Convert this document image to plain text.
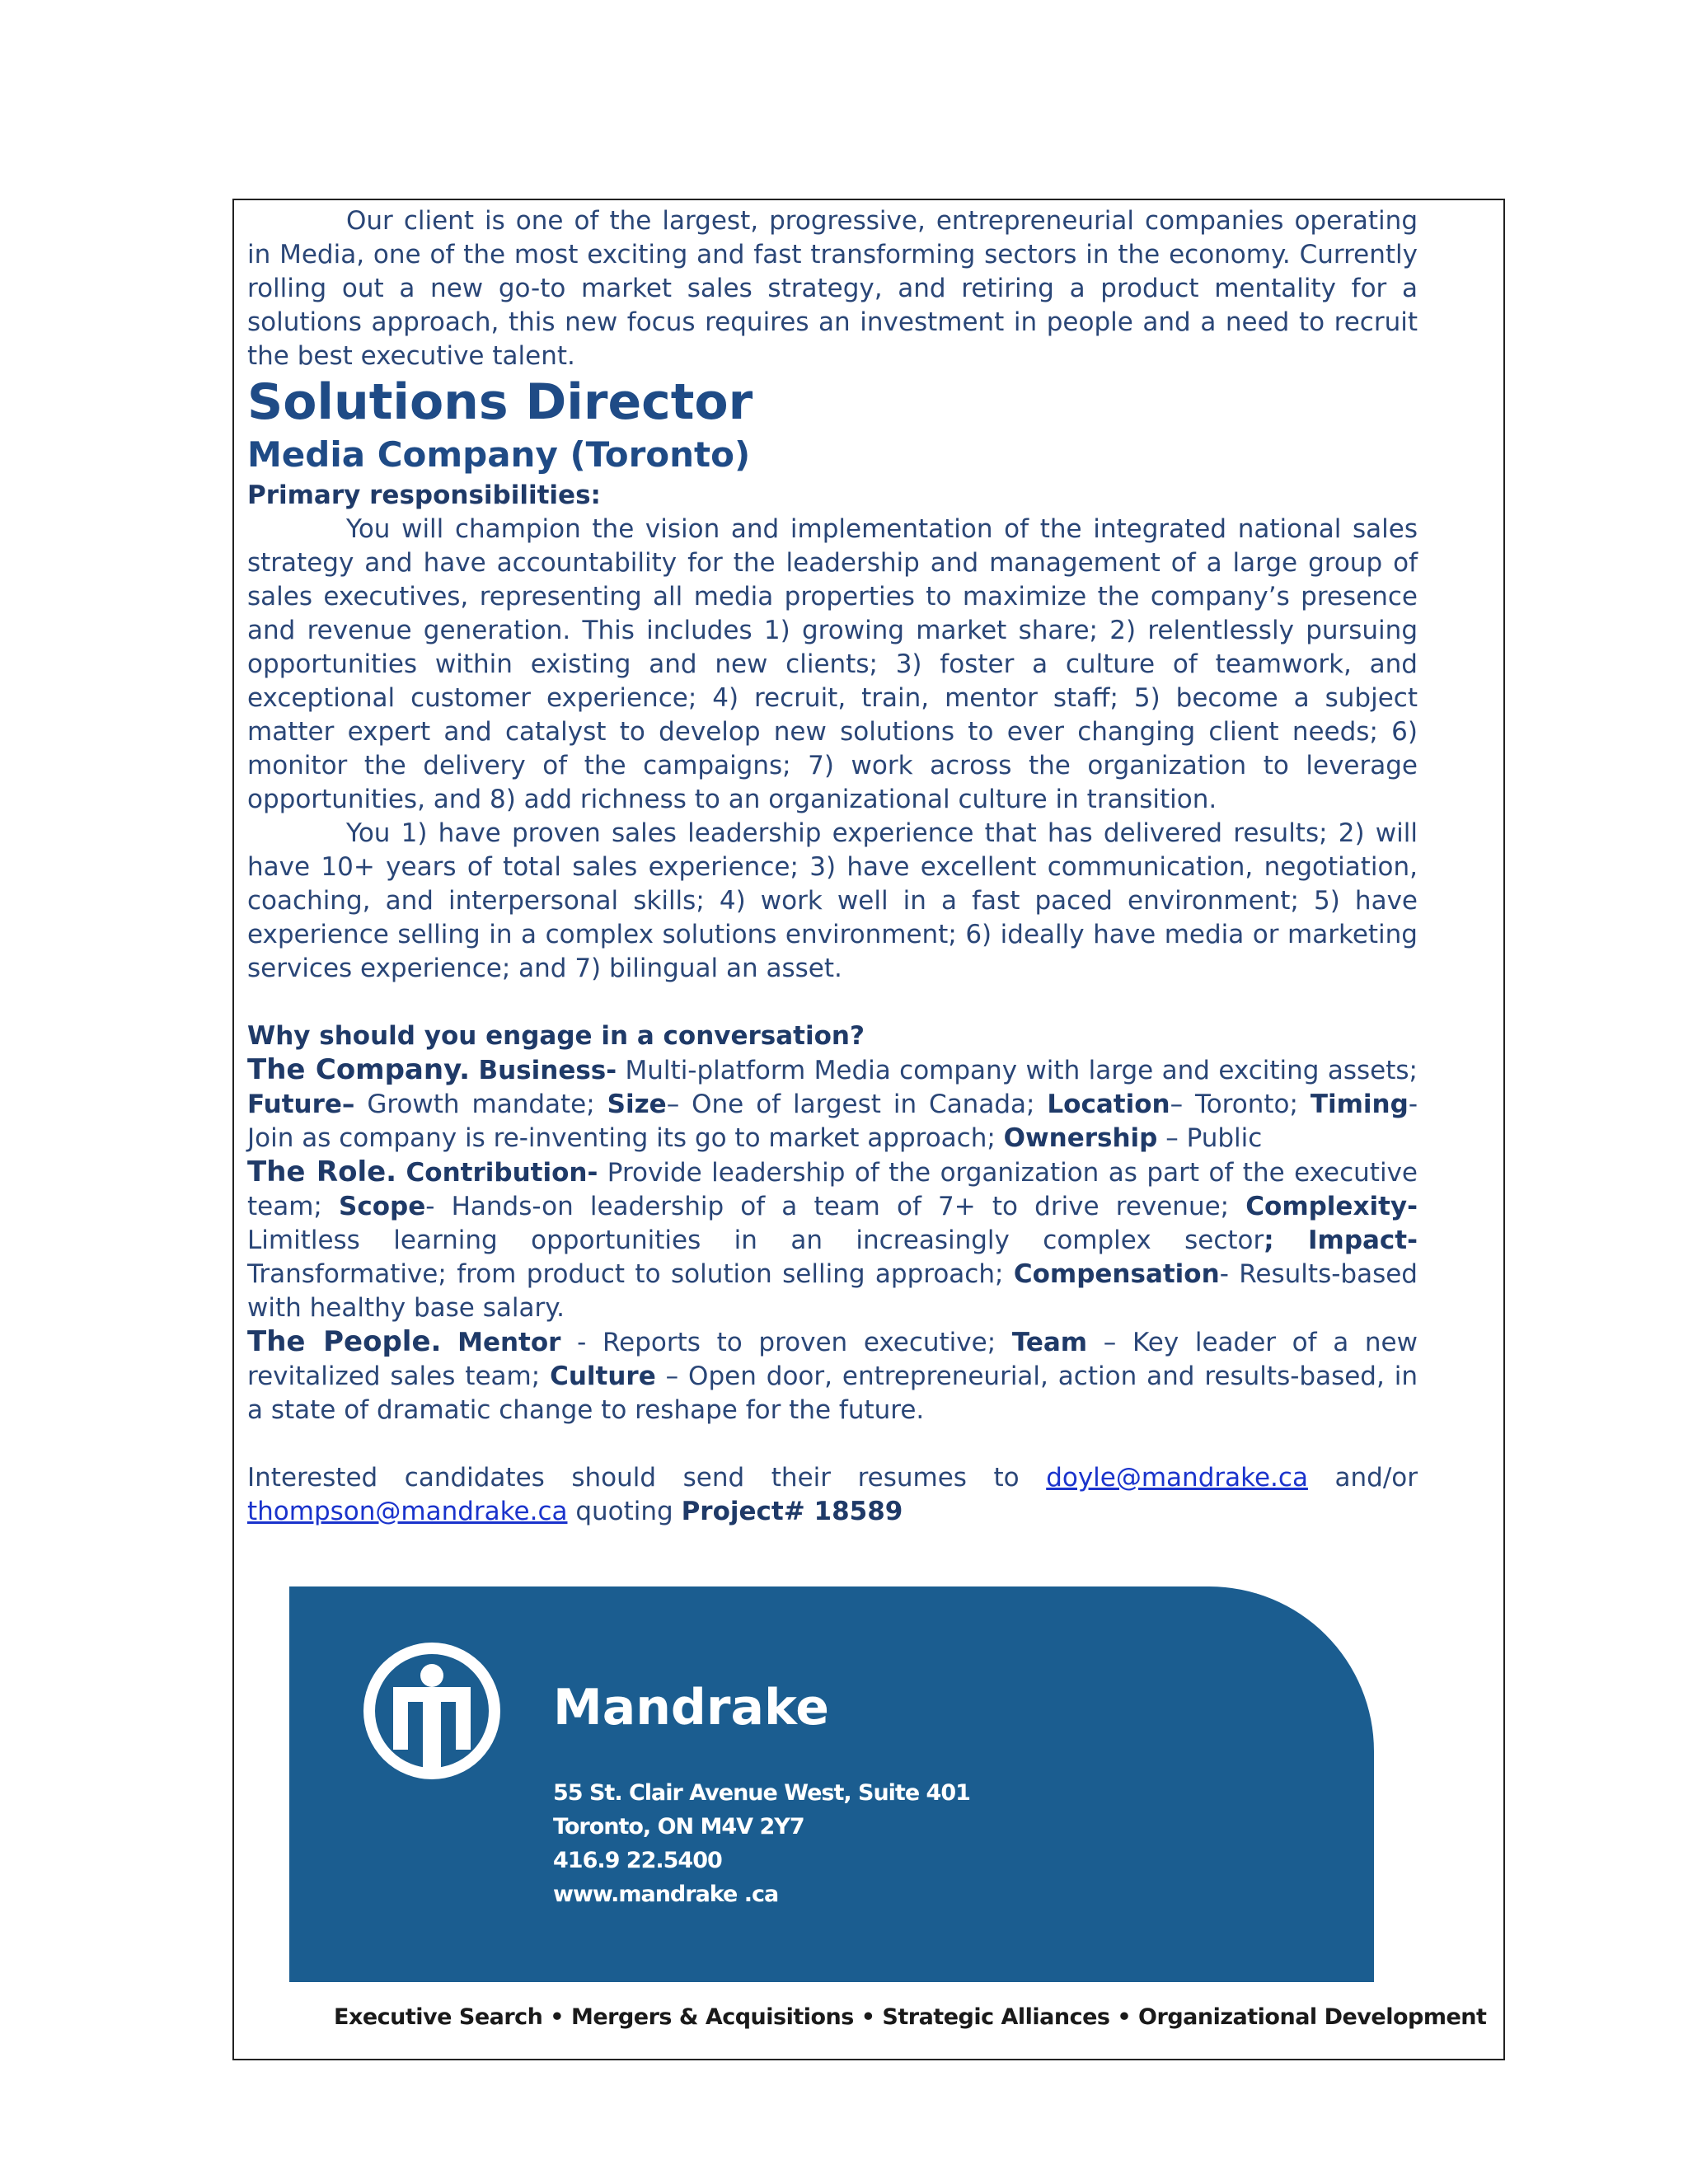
Our client is one of the largest, progressive, entrepreneurial companies operating in Media, one of the most exciting and fast transforming sectors in the economy. Currently rolling out a new go-to market sales strategy, and retiring a product mentality for a solutions approach, this new focus requires an investment in people and a need to recruit the best executive talent.

Solutions Director

Media Company (Toronto)

Primary responsibilities:

You will champion the vision and implementation of the integrated national sales strategy and have accountability for the leadership and management of a large group of sales executives, representing all media properties to maximize the company’s presence and revenue generation. This includes 1) growing market share; 2) relentlessly pursuing opportunities within existing and new clients; 3) foster a culture of teamwork, and exceptional customer experience; 4) recruit, train, mentor staff; 5) become a subject matter expert and catalyst to develop new solutions to ever changing client needs; 6) monitor the delivery of the campaigns; 7) work across the organization to leverage opportunities, and 8) add richness to an organizational culture in transition.

You 1) have proven sales leadership experience that has delivered results; 2) will have 10+ years of total sales experience; 3) have excellent communication, negotiation, coaching, and interpersonal skills; 4) work well in a fast paced environment; 5) have experience selling in a complex solutions environment; 6) ideally have media or marketing services experience; and 7) bilingual an asset.

Why should you engage in a conversation?

The Company. Business- Multi-platform Media company with large and exciting assets; Future– Growth mandate; Size– One of largest in Canada; Location– Toronto; Timing- Join as company is re-inventing its go to market approach; Ownership – Public

The Role. Contribution- Provide leadership of the organization as part of the executive team; Scope- Hands-on leadership of a team of 7+ to drive revenue; Complexity- Limitless learning opportunities in an increasingly complex sector; Impact- Transformative; from product to solution selling approach; Compensation- Results-based with healthy base salary.

The People. Mentor - Reports to proven executive; Team – Key leader of a new revitalized sales team; Culture – Open door, entrepreneurial, action and results-based, in a state of dramatic change to reshape for the future.

Interested candidates should send their resumes to doyle@mandrake.ca and/or thompson@mandrake.ca quoting Project# 18589

Mandrake
55 St. Clair Avenue West, Suite 401
Toronto, ON M4V 2Y7
416.9 22.5400
www.mandrake .ca
Executive Search • Mergers & Acquisitions • Strategic Alliances • Organizational Development
